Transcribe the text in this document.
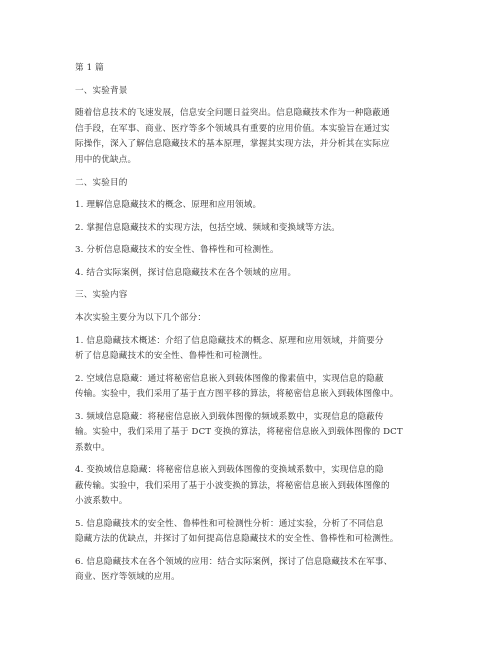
第 1 篇
一、实验背景
随着信息技术的飞速发展，信息安全问题日益突出。信息隐藏技术作为一种隐蔽通
信手段，在军事、商业、医疗等多个领域具有重要的应用价值。本实验旨在通过实
际操作，深入了解信息隐藏技术的基本原理，掌握其实现方法，并分析其在实际应
用中的优缺点。
二、实验目的
1. 理解信息隐藏技术的概念、原理和应用领域。
2. 掌握信息隐藏技术的实现方法，包括空域、频域和变换域等方法。
3. 分析信息隐藏技术的安全性、鲁棒性和可检测性。
4. 结合实际案例，探讨信息隐藏技术在各个领域的应用。
三、实验内容
本次实验主要分为以下几个部分：
1. 信息隐藏技术概述：介绍了信息隐藏技术的概念、原理和应用领域，并简要分
析了信息隐藏技术的安全性、鲁棒性和可检测性。
2. 空域信息隐藏：通过将秘密信息嵌入到载体图像的像素值中，实现信息的隐蔽
传输。实验中，我们采用了基于直方图平移的算法，将秘密信息嵌入到载体图像中。
3. 频域信息隐藏：将秘密信息嵌入到载体图像的频域系数中，实现信息的隐蔽传
输。实验中，我们采用了基于 DCT 变换的算法，将秘密信息嵌入到载体图像的 DCT
系数中。
4. 变换域信息隐藏：将秘密信息嵌入到载体图像的变换域系数中，实现信息的隐
蔽传输。实验中，我们采用了基于小波变换的算法，将秘密信息嵌入到载体图像的
小波系数中。
5. 信息隐藏技术的安全性、鲁棒性和可检测性分析：通过实验，分析了不同信息
隐藏方法的优缺点，并探讨了如何提高信息隐藏技术的安全性、鲁棒性和可检测性。
6. 信息隐藏技术在各个领域的应用：结合实际案例，探讨了信息隐藏技术在军事、
商业、医疗等领域的应用。
